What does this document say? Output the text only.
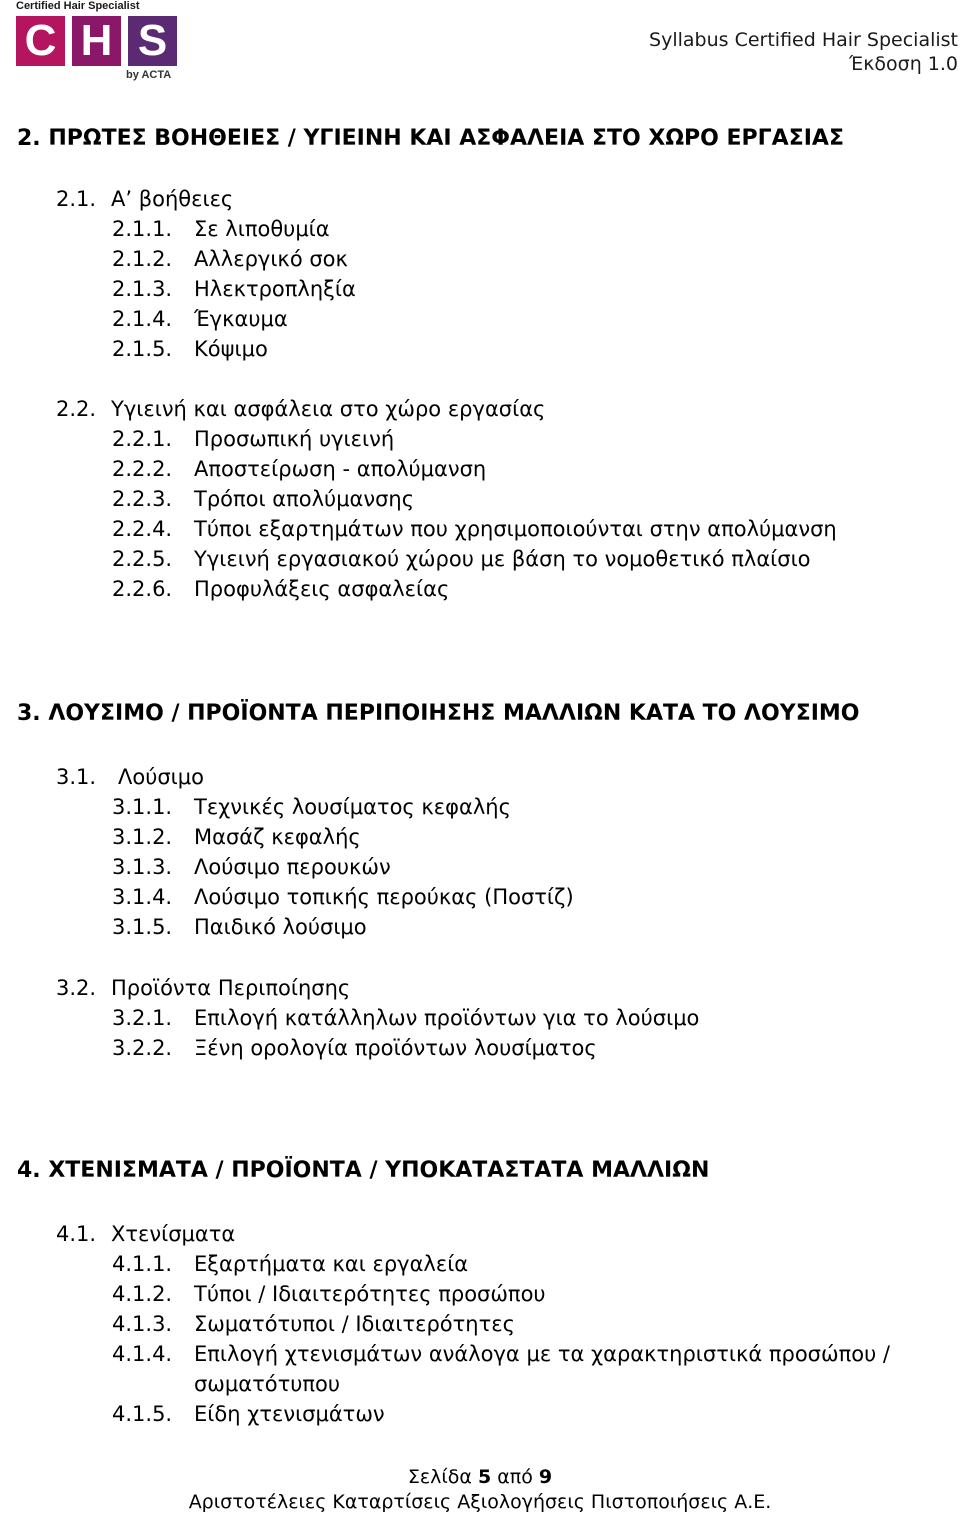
Certified Hair Specialist
C H S
by ACTA
Syllabus Certified Hair Specialist
Έκδοση 1.0
2. ΠΡΩΤΕΣ ΒΟΗΘΕΙΕΣ / ΥΓΙΕΙΝΗ ΚΑΙ ΑΣΦΑΛΕΙΑ ΣΤΟ ΧΩΡΟ ΕΡΓΑΣΙΑΣ
2.1. Α’ βοήθειες
2.1.1. Σε λιποθυμία
2.1.2. Αλλεργικό σοκ
2.1.3. Ηλεκτροπληξία
2.1.4. Έγκαυμα
2.1.5. Κόψιμο
2.2. Υγιεινή και ασφάλεια στο χώρο εργασίας
2.2.1. Προσωπική υγιεινή
2.2.2. Αποστείρωση - απολύμανση
2.2.3. Τρόποι απολύμανσης
2.2.4. Τύποι εξαρτημάτων που χρησιμοποιούνται στην απολύμανση
2.2.5. Υγιεινή εργασιακού χώρου με βάση το νομοθετικό πλαίσιο
2.2.6. Προφυλάξεις ασφαλείας
3. ΛΟΥΣΙΜΟ / ΠΡΟΪΟΝΤΑ ΠΕΡΙΠΟΙΗΣΗΣ ΜΑΛΛΙΩΝ ΚΑΤΑ ΤΟ ΛΟΥΣΙΜΟ
3.1. Λούσιμο
3.1.1. Τεχνικές λουσίματος κεφαλής
3.1.2. Μασάζ κεφαλής
3.1.3. Λούσιμο περουκών
3.1.4. Λούσιμο τοπικής περούκας (Ποστίζ)
3.1.5. Παιδικό λούσιμο
3.2. Προϊόντα Περιποίησης
3.2.1. Επιλογή κατάλληλων προϊόντων για το λούσιμο
3.2.2. Ξένη ορολογία προϊόντων λουσίματος
4. ΧΤΕΝΙΣΜΑΤΑ / ΠΡΟΪΟΝΤΑ / ΥΠΟΚΑΤΑΣΤΑΤΑ ΜΑΛΛΙΩΝ
4.1. Χτενίσματα
4.1.1. Εξαρτήματα και εργαλεία
4.1.2. Τύποι / Ιδιαιτερότητες προσώπου
4.1.3. Σωματότυποι / Ιδιαιτερότητες
4.1.4. Επιλογή χτενισμάτων ανάλογα με τα χαρακτηριστικά προσώπου /
σωματότυπου
4.1.5. Είδη χτενισμάτων
Σελίδα 5 από 9
Αριστοτέλειες Καταρτίσεις Αξιολογήσεις Πιστοποιήσεις Α.Ε.
